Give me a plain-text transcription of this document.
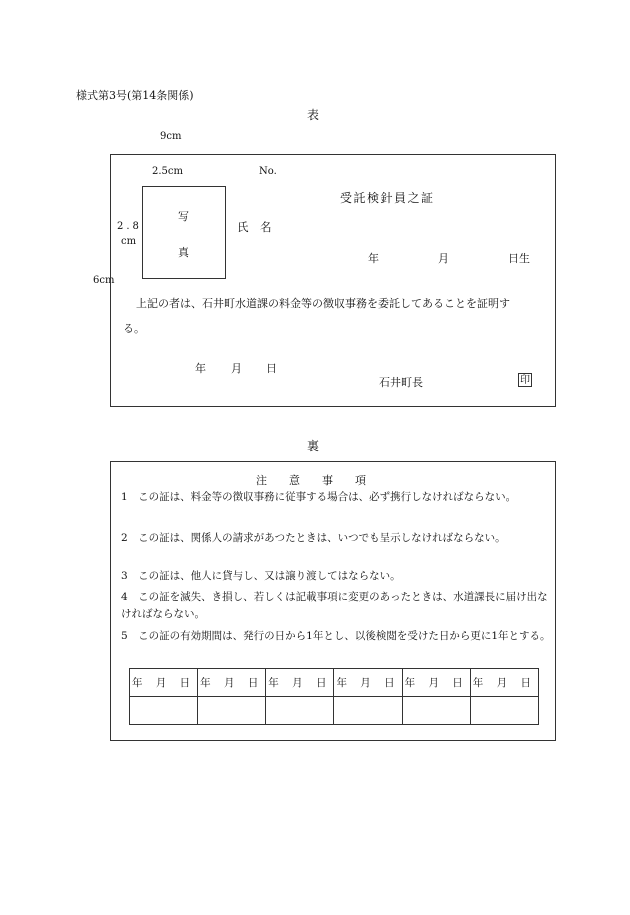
様式第3号(第14条関係)
表
9cm
6cm
2.5cm	No.
受託検針員之証
2.8
cm
写
真
氏　名
年	月	日生
上記の者は、石井町水道課の料金等の徴収事務を委託してあることを証明す
る。
年 月 日
石井町長	印
裏
注　　意　　事　　項
1　この証は、料金等の徴収事務に従事する場合は、必ず携行しなければならない。
2　この証は、関係人の請求があつたときは、いつでも呈示しなければならない。
3　この証は、他人に貸与し、又は譲り渡してはならない。
4　この証を滅失、き損し、若しくは記載事項に変更のあったときは、水道課長に届け出なければならない。
5　この証の有効期間は、発行の日から1年とし、以後検閲を受けた日から更に1年とする。
年 月 日	年 月 日	年 月 日	年 月 日	年 月 日	年 月 日
